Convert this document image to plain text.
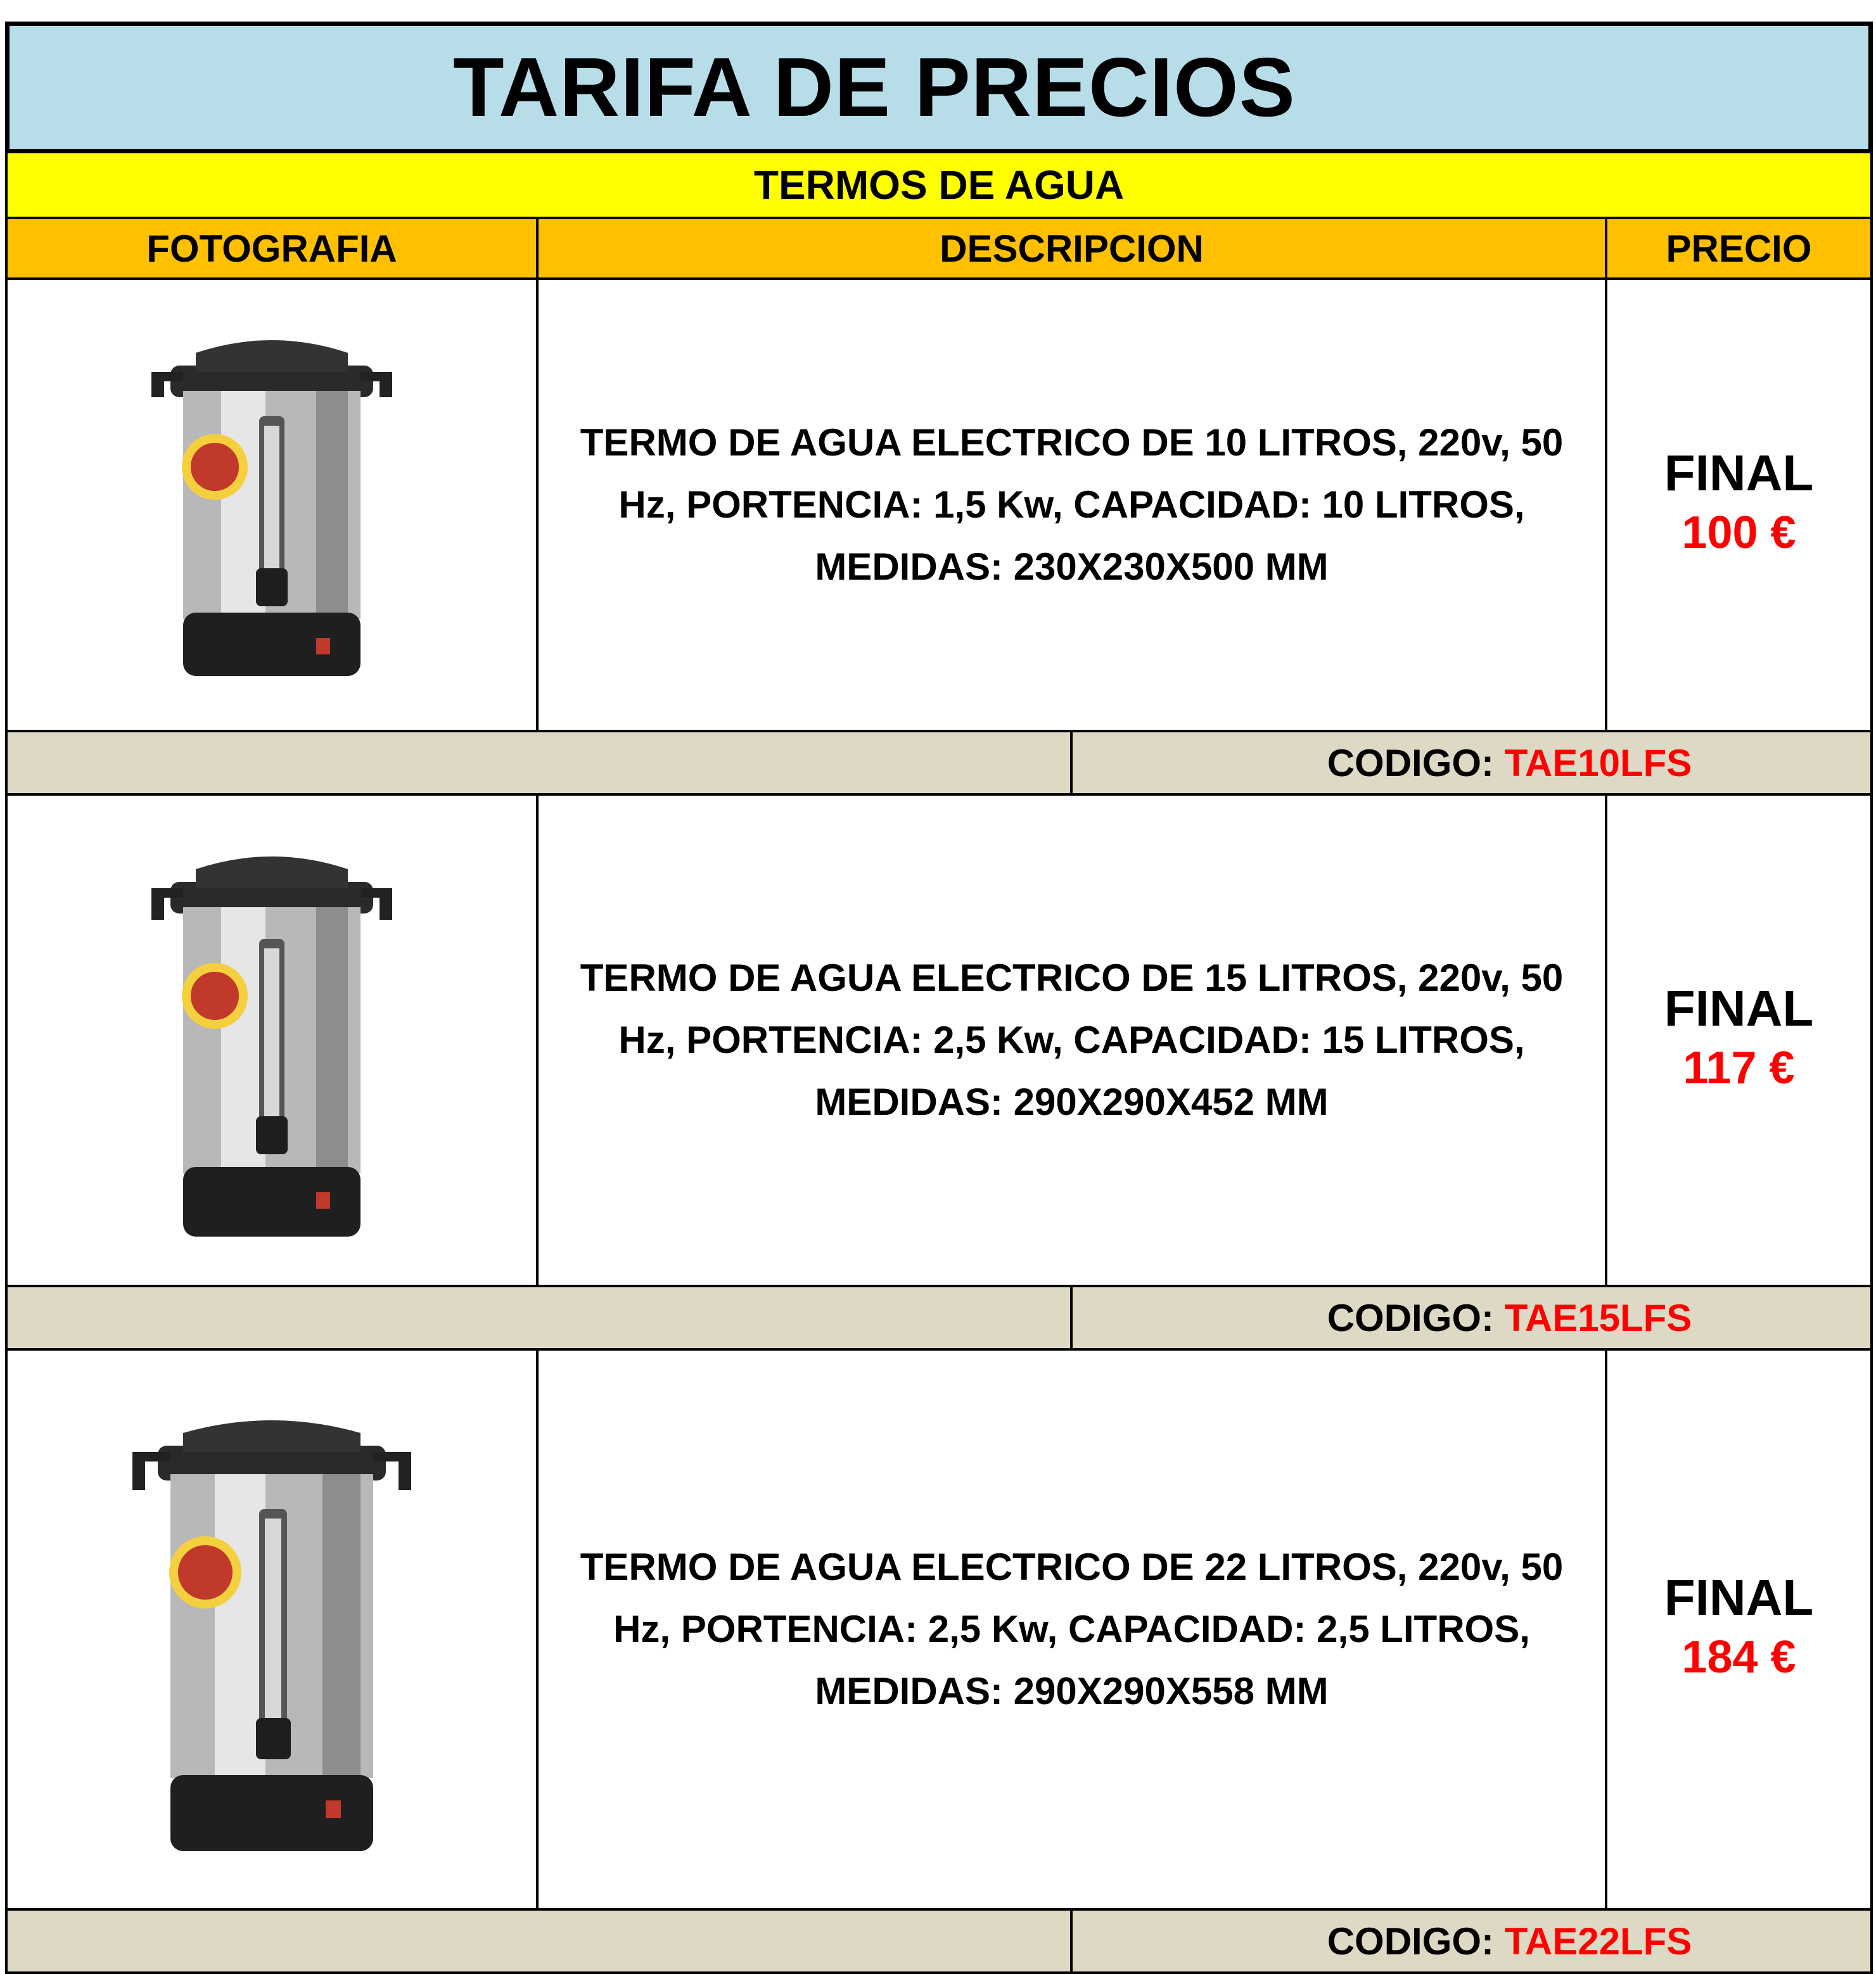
TARIFA DE PRECIOS
TERMOS DE AGUA
FOTOGRAFIA	DESCRIPCION	PRECIO
TERMO DE AGUA ELECTRICO DE 10 LITROS, 220v, 50 Hz, PORTENCIA: 1,5 Kw, CAPACIDAD: 10 LITROS, MEDIDAS: 230X230X500 MM
FINAL
100 €
CODIGO:
TAE10LFS
TERMO DE AGUA ELECTRICO DE 15 LITROS, 220v, 50 Hz, PORTENCIA: 2,5 Kw, CAPACIDAD: 15 LITROS, MEDIDAS: 290X290X452 MM
FINAL
117 €
CODIGO:
TAE15LFS
TERMO DE AGUA ELECTRICO DE 22 LITROS, 220v, 50 Hz, PORTENCIA: 2,5 Kw, CAPACIDAD: 2,5 LITROS, MEDIDAS: 290X290X558 MM
FINAL
184 €
CODIGO:
TAE22LFS
